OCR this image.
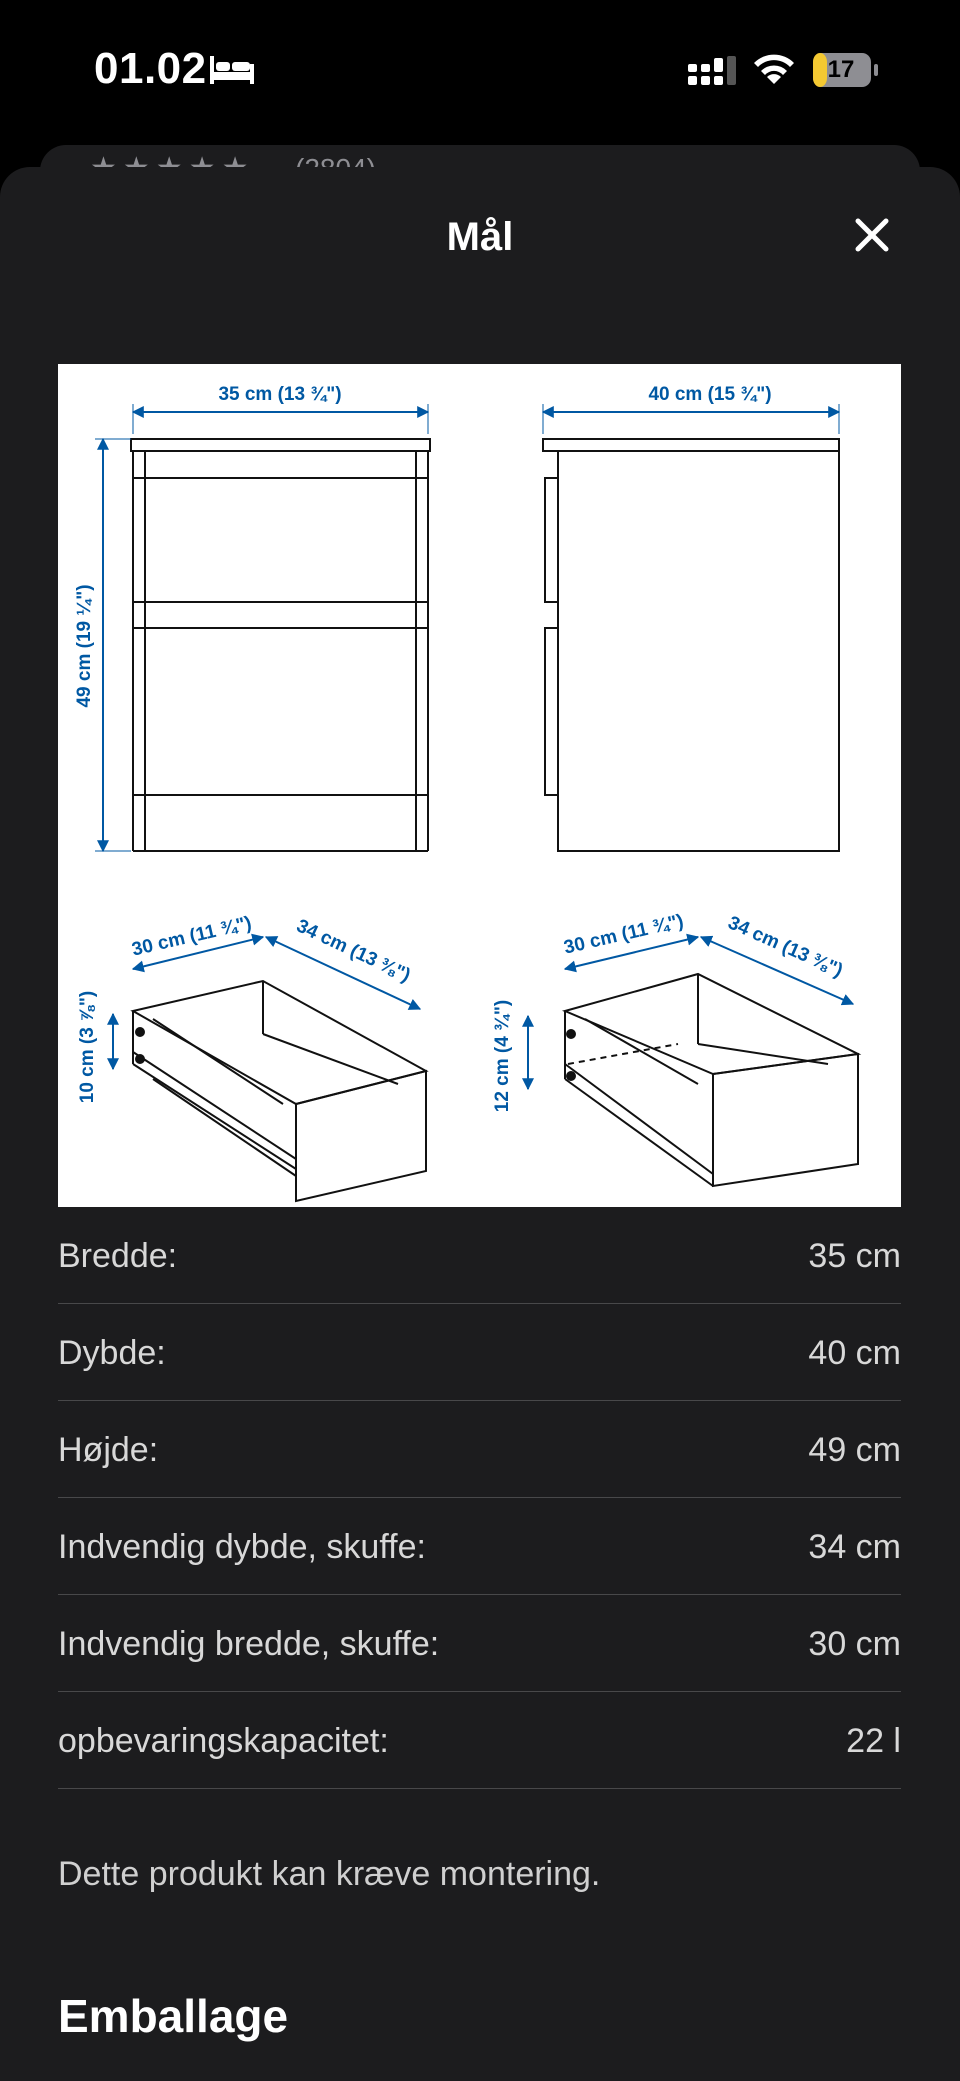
01.02	17
Mål
35 cm (13 ¾")
49 cm (19 ¼")
40 cm (15 ¾")
30 cm (11 ¾") 34 cm (13 ⅜")
10 cm (3 ⅞")
30 cm (11 ¾") 34 cm (13 ⅜")
12 cm (4 ¾")
Bredde:	35 cm
Dybde:	40 cm
Højde:	49 cm
Indvendig dybde, skuffe:	34 cm
Indvendig bredde, skuffe:	30 cm
opbevaringskapacitet:	22 l
Dette produkt kan kræve montering.
Emballage
